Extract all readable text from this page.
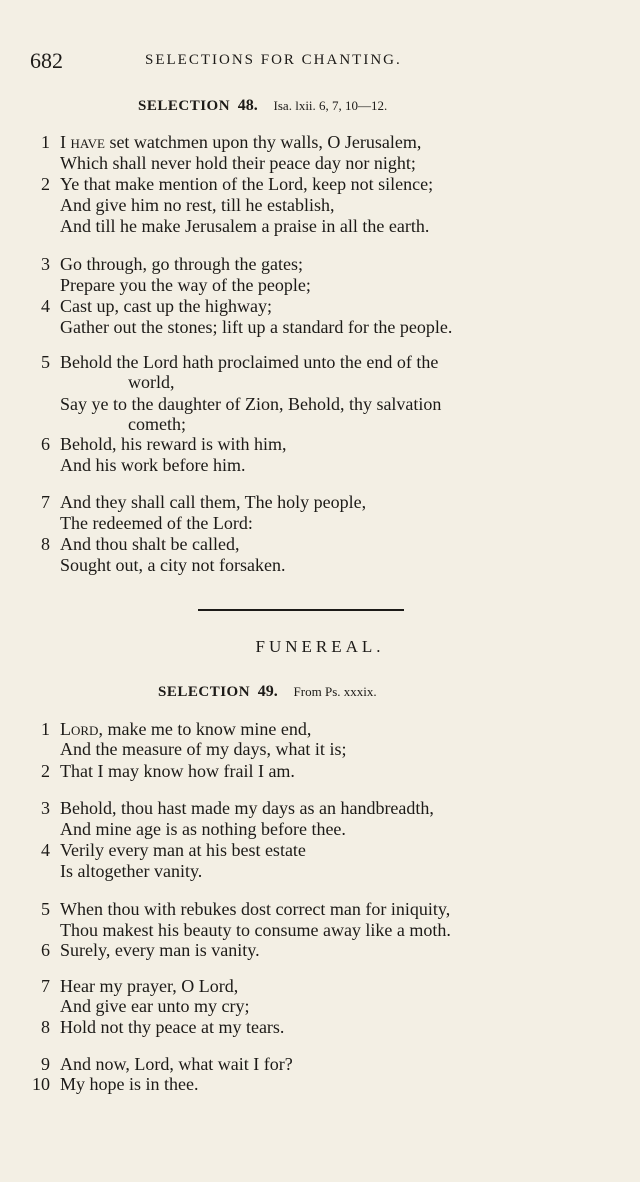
682	SELECTIONS FOR CHANTING.
SELECTION 48. Isa. lxii. 6, 7, 10—12.
1 I have set watchmen upon thy walls, O Jerusalem,
Which shall never hold their peace day nor night;
2 Ye that make mention of the Lord, keep not silence;
And give him no rest, till he establish,
And till he make Jerusalem a praise in all the earth.
3 Go through, go through the gates;
Prepare you the way of the people;
4 Cast up, cast up the highway;
Gather out the stones; lift up a standard for the people.
5 Behold the Lord hath proclaimed unto the end of the
world,
Say ye to the daughter of Zion, Behold, thy salvation
cometh;
6 Behold, his reward is with him,
And his work before him.
7 And they shall call them, The holy people,
The redeemed of the Lord:
8 And thou shalt be called,
Sought out, a city not forsaken.
FUNEREAL.
SELECTION 49. From Ps. xxxix.
1 Lord, make me to know mine end,
And the measure of my days, what it is;
2 That I may know how frail I am.
3 Behold, thou hast made my days as an handbreadth,
And mine age is as nothing before thee.
4 Verily every man at his best estate
Is altogether vanity.
5 When thou with rebukes dost correct man for iniquity,
Thou makest his beauty to consume away like a moth.
6 Surely, every man is vanity.
7 Hear my prayer, O Lord,
And give ear unto my cry;
8 Hold not thy peace at my tears.
9 And now, Lord, what wait I for?
10 My hope is in thee.
